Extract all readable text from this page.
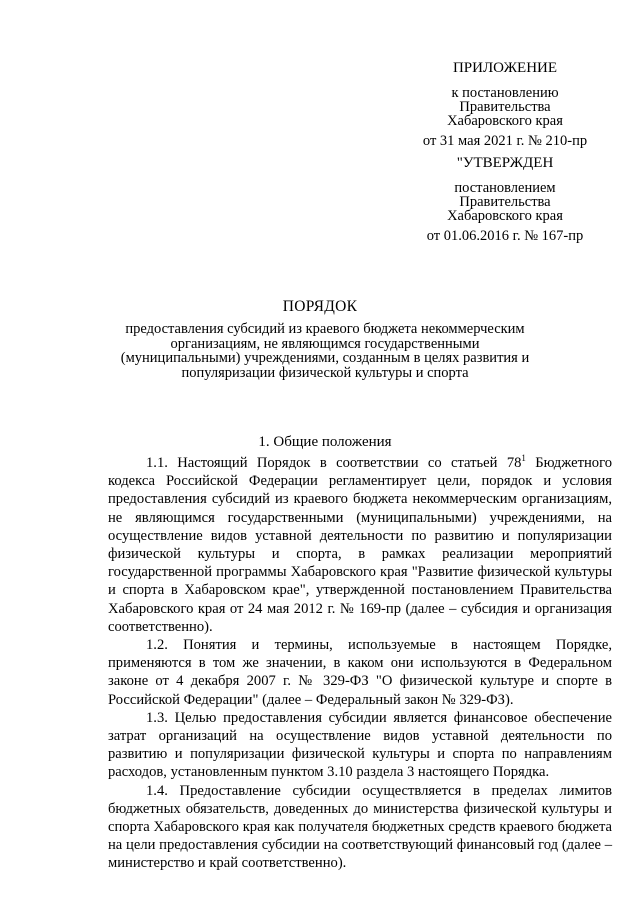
ПРИЛОЖЕНИЕ
к постановлению
Правительства
Хабаровского края
от 31 мая 2021 г. № 210-пр
"УТВЕРЖДЕН
постановлением
Правительства
Хабаровского края
от 01.06.2016 г. № 167-пр
ПОРЯДОК
предоставления субсидий из краевого бюджета некоммерческим организациям, не являющимся государственными (муниципальными) учреждениями, созданным в целях развития и популяризации физической культуры и спорта
1. Общие положения

1.1. Настоящий Порядок в соответствии со статьей $78^1$ Бюджетного кодекса Российской Федерации регламентирует цели, порядок и условия предоставления субсидий из краевого бюджета некоммерческим организациям, не являющимся государственными (муниципальными) учреждениями, на осуществление видов уставной деятельности по развитию и популяризации физической культуры и спорта, в рамках реализации мероприятий государственной программы Хабаровского края "Развитие физической культуры и спорта в Хабаровском крае", утвержденной постановлением Правительства Хабаровского края от 24 мая 2012 г. № 169-пр (далее – субсидия и организация соответственно).

1.2. Понятия и термины, используемые в настоящем Порядке, применяются в том же значении, в каком они используются в Федеральном законе от 4 декабря 2007 г. № 329-ФЗ "О физической культуре и спорте в Российской Федерации" (далее – Федеральный закон № 329-ФЗ).

1.3. Целью предоставления субсидии является финансовое обеспечение затрат организаций на осуществление видов уставной деятельности по развитию и популяризации физической культуры и спорта по направлениям расходов, установленным пунктом 3.10 раздела 3 настоящего Порядка.

1.4. Предоставление субсидии осуществляется в пределах лимитов бюджетных обязательств, доведенных до министерства физической культуры и спорта Хабаровского края как получателя бюджетных средств краевого бюджета на цели предоставления субсидии на соответствующий финансовый год (далее – министерство и край соответственно).
